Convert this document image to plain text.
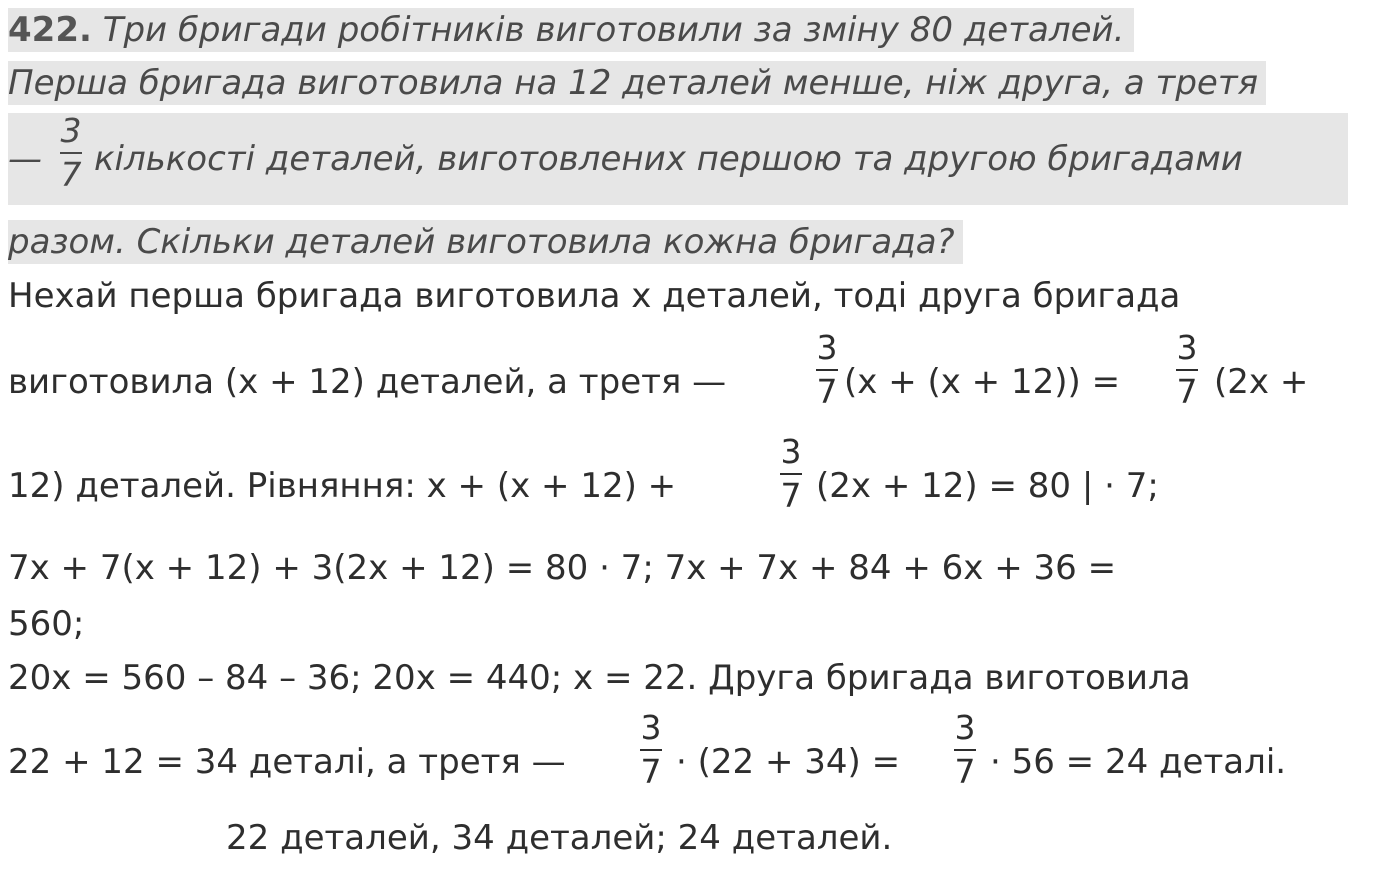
422. Три бригади робітників виготовили за зміну 80 деталей.
Перша бригада виготовила на 12 деталей менше, ніж друга, а третя
—
3
7 кількості деталей, виготовлених першою та другою бригадами
разом. Скільки деталей виготовила кожна бригада?
Нехай перша бригада виготовила х деталей, тоді друга бригада
виготовила (х + 12) деталей, а третя —
3
7 (х + (х + 12)) =
3
7 (2х +
12) деталей. Рівняння: х + (х + 12) +
3
7 (2х + 12) = 80 | · 7;
7х + 7(х + 12) + 3(2х + 12) = 80 · 7; 7х + 7х + 84 + 6х + 36 =
560;
20х = 560 – 84 – 36; 20х = 440; х = 22. Друга бригада виготовила
22 + 12 = 34 деталі, а третя —
3
7 · (22 + 34) =
3
7 · 56 = 24 деталі.
22 деталей, 34 деталей; 24 деталей.
